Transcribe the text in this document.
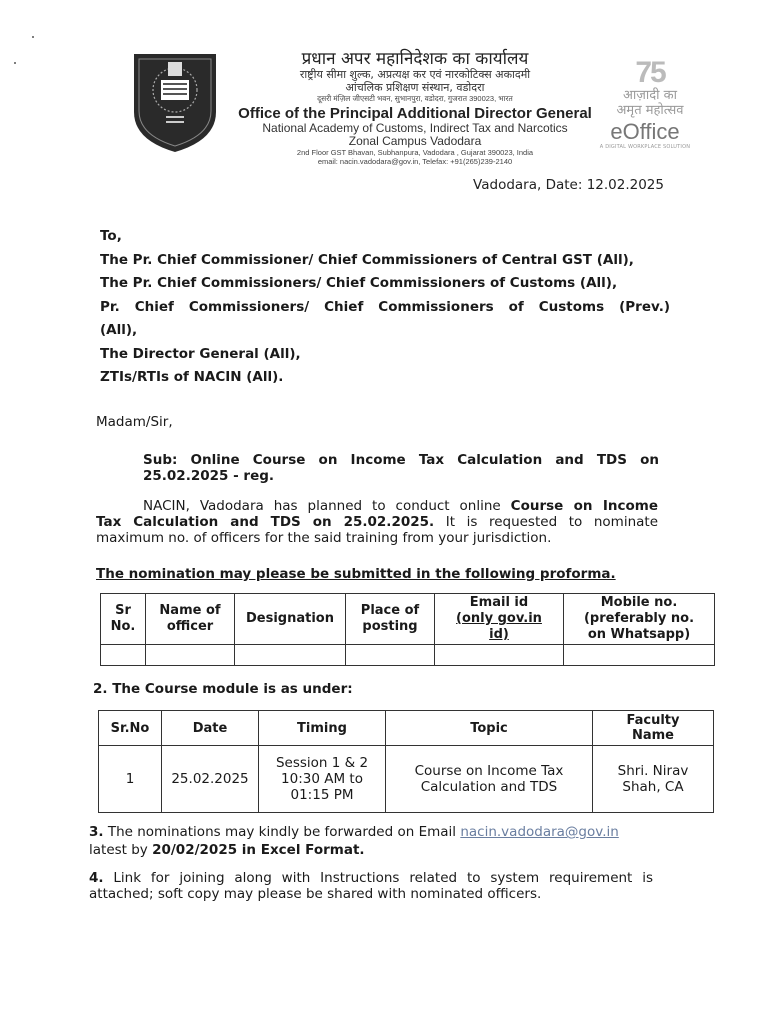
प्रधान अपर महानिदेशक का कार्यालय
राष्ट्रीय सीमा शुल्क, अप्रत्यक्ष कर एवं नारकोटिक्स अकादमी
आंचलिक प्रशिक्षण संस्थान, वडोदरा
दूसरी मंज़िल जीएसटी भवन, सुभानपुरा, वडोदरा, गुजरात 390023, भारत
Office of the Principal Additional Director General
National Academy of Customs, Indirect Tax and Narcotics
Zonal Campus Vadodara
2nd Floor GST Bhavan, Subhanpura, Vadodara , Gujarat 390023, India
email: nacin.vadodara@gov.in, Telefax: +91(265)239-2140
75
आज़ादी का
अमृत महोत्सव
eOffice
A DIGITAL WORKPLACE SOLUTION
Vadodara, Date: 12.02.2025
To,
The Pr. Chief Commissioner/ Chief Commissioners of Central GST (All),
The Pr. Chief Commissioners/ Chief Commissioners of Customs (All),
Pr. Chief Commissioners/ Chief Commissioners of Customs (Prev.)
(All),
The Director General (All),
ZTIs/RTIs of NACIN (All).
Madam/Sir,
Sub: Online Course on Income Tax Calculation and TDS on
25.02.2025 - reg.
NACIN, Vadodara has planned to conduct online Course on Income
Tax Calculation and TDS on 25.02.2025. It is requested to nominate
maximum no. of officers for the said training from your jurisdiction.
The nomination may please be submitted in the following proforma.
Sr
No.	Name of
officer	Designation	Place of
posting	Email id
(only gov.in
id)	Mobile no.
(preferably no.
on Whatsapp)

2. The Course module is as under:
Sr.No	Date	Timing	Topic	Faculty
Name
1	25.02.2025	Session 1 & 2
10:30 AM to
01:15 PM	Course on Income Tax
Calculation and TDS	Shri. Nirav
Shah, CA
3. The nominations may kindly be forwarded on Email nacin.vadodara@gov.in
latest by 20/02/2025 in Excel Format.
4. Link for joining along with Instructions related to system requirement is
attached; soft copy may please be shared with nominated officers.
